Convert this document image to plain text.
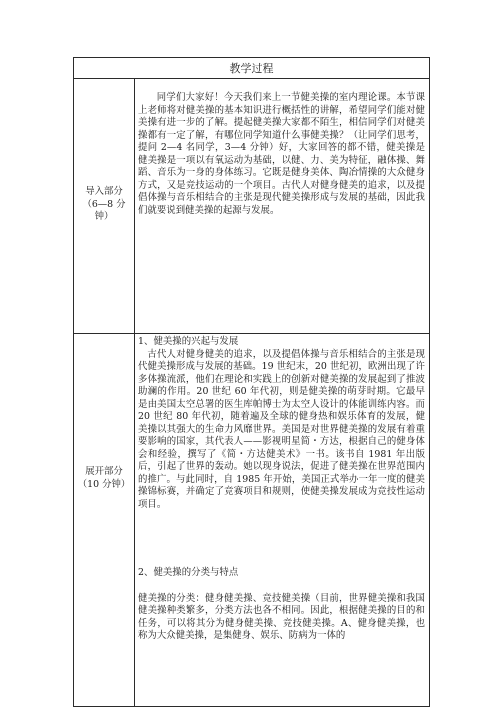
教学过程
导入部分
（6—8 分
钟）

同学们大家好！今天我们来上一节健美操的室内理论课。本节课上老师将对健美操的基本知识进行概括性的讲解，希望同学们能对健美操有进一步的了解。提起健美操大家都不陌生，相信同学们对健美操都有一定了解，有哪位同学知道什么事健美操？（让同学们思考，提问 2—4 名同学，3—4 分钟）好，大家回答的都不错，健美操是健美操是一项以有氧运动为基础，以健、力、美为特征，融体操、舞蹈、音乐为一身的身体练习。它既是健身美体、陶冶情操的大众健身方式，又是竞技运动的一个项目。古代人对健身健美的追求，以及提倡体操与音乐相结合的主张是现代健美操形成与发展的基础，因此我们就要说到健美操的起源与发展。

展开部分
（10 分钟）

1、健美操的兴起与发展

古代人对健身健美的追求，以及提倡体操与音乐相结合的主张是现代健美操形成与发展的基础。19 世纪末，20 世纪初，欧洲出现了许多体操流派，他们在理论和实践上的创新对健美操的发展起到了推波助澜的作用。20 世纪 60 年代初，则是健美操的萌芽时期。它最早是由美国太空总署的医生库帕博士为太空人设计的体能训练内容。而 20 世纪 80 年代初，随着遍及全球的健身热和娱乐体育的发展，健美操以其强大的生命力风靡世界。美国是对世界健美操的发展有着重要影响的国家，其代表人——影视明星简・方达，根据自己的健身体会和经验，撰写了《简・方达健美术》一书。该书自 1981 年出版后，引起了世界的轰动。她以现身说法，促进了健美操在世界范围内的推广。与此同时，自 1985 年开始，美国正式举办一年一度的健美操锦标赛，并确定了竞赛项目和规则，使健美操发展成为竞技性运动项目。

2、健美操的分类与特点

健美操的分类：健身健美操、竞技健美操（目前，世界健美操和我国健美操种类繁多，分类方法也各不相同。因此，根据健美操的目的和任务，可以将其分为健身健美操、竞技健美操。A、健身健美操，也称为大众健美操，是集健身、娱乐、防病为一体的
